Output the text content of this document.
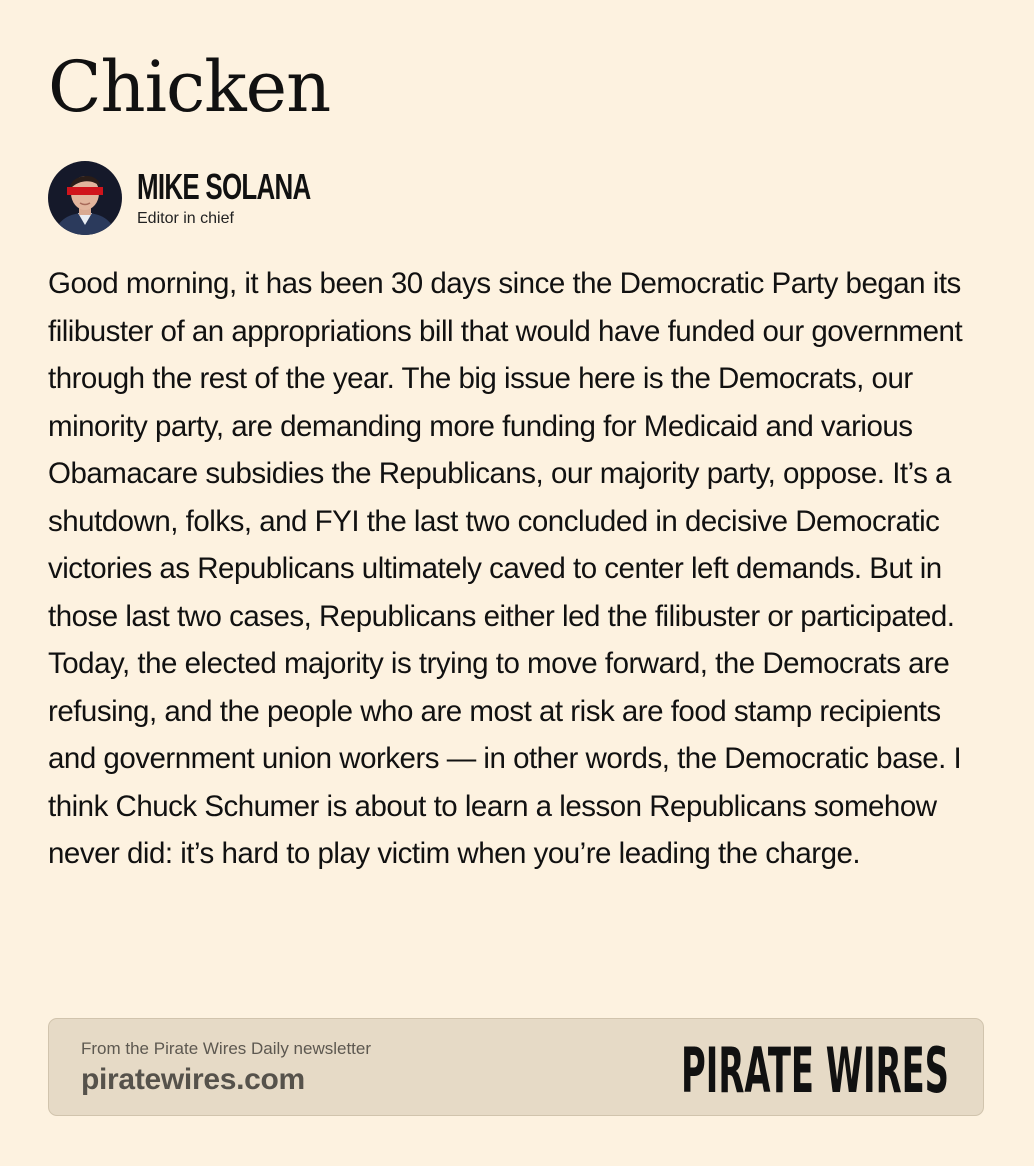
Chicken
MIKE SOLANA
Editor in chief

Good morning, it has been 30 days since the Democratic Party began its filibuster of an appropriations bill that would have funded our government through the rest of the year. The big issue here is the Democrats, our minority party, are demanding more funding for Medicaid and various Obamacare subsidies the Republicans, our majority party, oppose. It’s a shutdown, folks, and FYI the last two concluded in decisive Democratic victories as Republicans ultimately caved to center left demands. But in those last two cases, Republicans either led the filibuster or participated. Today, the elected majority is trying to move forward, the Democrats are refusing, and the people who are most at risk are food stamp recipients and government union workers — in other words, the Democratic base. I think Chuck Schumer is about to learn a lesson Republicans somehow never did: it’s hard to play victim when you’re leading the charge.

From the Pirate Wires Daily newsletter
piratewires.com	PIRATE WIRES
